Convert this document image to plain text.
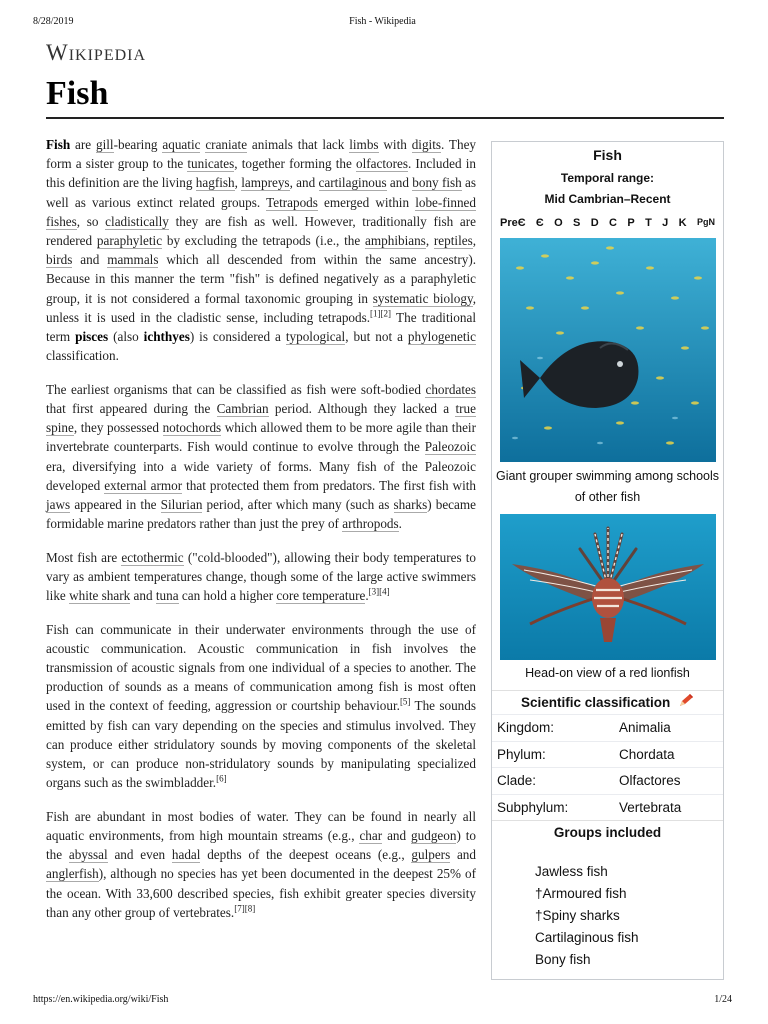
8/28/2019	Fish - Wikipedia
Wikipedia
Fish

Fish are gill-bearing aquatic craniate animals that lack limbs with digits. They form a sister group to the tunicates, together forming the olfactores. Included in this definition are the living hagfish, lampreys, and cartilaginous and bony fish as well as various extinct related groups. Tetrapods emerged within lobe-finned fishes, so cladistically they are fish as well. However, traditionally fish are rendered paraphyletic by excluding the tetrapods (i.e., the amphibians, reptiles, birds and mammals which all descended from within the same ancestry). Because in this manner the term "fish" is defined negatively as a paraphyletic group, it is not considered a formal taxonomic grouping in systematic biology, unless it is used in the cladistic sense, including tetrapods.[1][2] The traditional term pisces (also ichthyes) is considered a typological, but not a phylogenetic classification.

The earliest organisms that can be classified as fish were soft-bodied chordates that first appeared during the Cambrian period. Although they lacked a true spine, they possessed notochords which allowed them to be more agile than their invertebrate counterparts. Fish would continue to evolve through the Paleozoic era, diversifying into a wide variety of forms. Many fish of the Paleozoic developed external armor that protected them from predators. The first fish with jaws appeared in the Silurian period, after which many (such as sharks) became formidable marine predators rather than just the prey of arthropods.

Most fish are ectothermic ("cold-blooded"), allowing their body temperatures to vary as ambient temperatures change, though some of the large active swimmers like white shark and tuna can hold a higher core temperature.[3][4]

Fish can communicate in their underwater environments through the use of acoustic communication. Acoustic communication in fish involves the transmission of acoustic signals from one individual of a species to another. The production of sounds as a means of communication among fish is most often used in the context of feeding, aggression or courtship behaviour.[5] The sounds emitted by fish can vary depending on the species and stimulus involved. They can produce either stridulatory sounds by moving components of the skeletal system, or can produce non-stridulatory sounds by manipulating specialized organs such as the swimbladder.[6]

Fish are abundant in most bodies of water. They can be found in nearly all aquatic environments, from high mountain streams (e.g., char and gudgeon) to the abyssal and even hadal depths of the deepest oceans (e.g., gulpers and anglerfish), although no species has yet been documented in the deepest 25% of the ocean. With 33,600 described species, fish exhibit greater species diversity than any other group of vertebrates.[7][8]

Fish
Temporal range:
Mid Cambrian–Recent
PreЄ Є O S D C P T J K PgN
Giant grouper swimming among schools of other fish
Head-on view of a red lionfish
Scientific classification
Kingdom:	Animalia
Phylum:	Chordata
Clade:	Olfactores
Subphylum:	Vertebrata
Groups included
Jawless fish
†Armoured fish
†Spiny sharks
Cartilaginous fish
Bony fish
https://en.wikipedia.org/wiki/Fish	1/24
